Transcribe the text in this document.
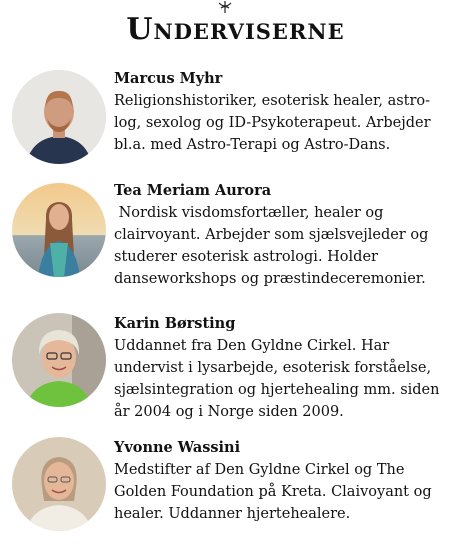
Underviserne
Marcus Myhr
Religionshistoriker, esoterisk healer, astro-
log, sexolog og ID-Psykoterapeut. Arbejder
bl.a. med Astro-Terapi og Astro-Dans.
Tea Meriam Aurora
Nordisk visdomsfortæller, healer og
clairvoyant. Arbejder som sjælsvejleder og
studerer esoterisk astrologi. Holder
danseworkshops og præstindeceremonier.
Karin Børsting
Uddannet fra Den Gyldne Cirkel. Har
undervist i lysarbejde, esoterisk forståelse,
sjælsintegration og hjertehealing mm. siden
år 2004 og i Norge siden 2009.
Yvonne Wassini
Medstifter af Den Gyldne Cirkel og The
Golden Foundation på Kreta. Claivoyant og
healer. Uddanner hjertehealere.
